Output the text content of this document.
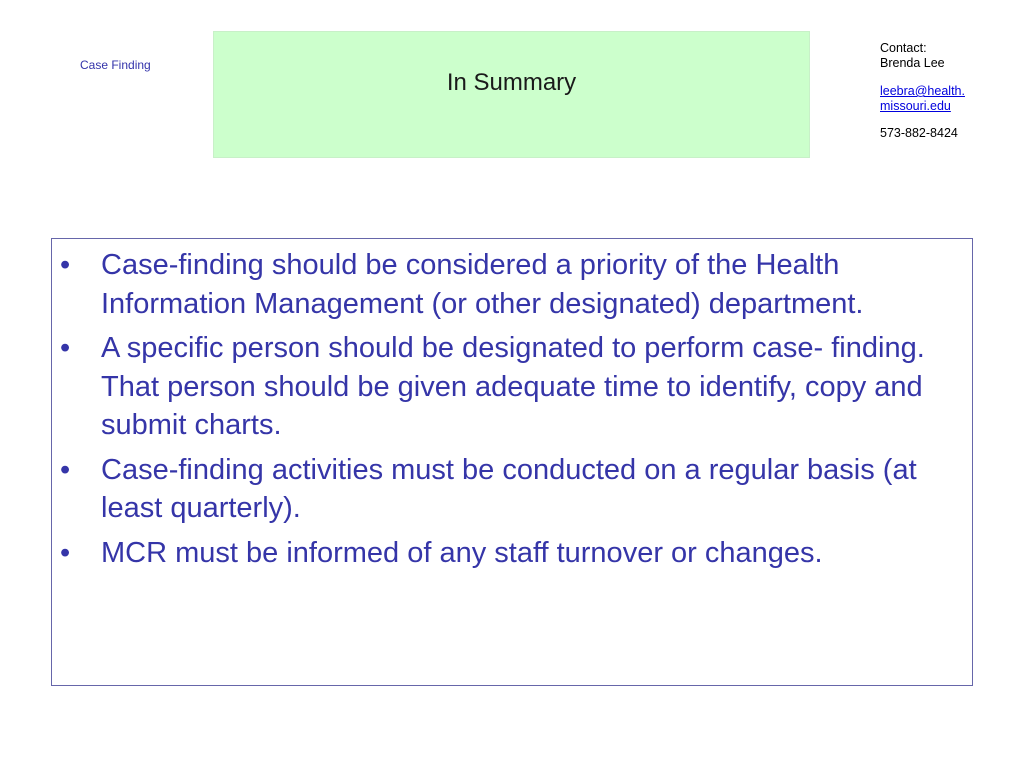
Case Finding
In Summary
Contact:
Brenda Lee
leebra@health.
missouri.edu
573-882-8424
•	Case-finding should be considered a priority of the Health Information Management (or other designated) department.
•	A specific person should be designated to perform case- finding. That person should be given adequate time to identify, copy and submit charts.
•	Case-finding activities must be conducted on a regular basis (at least quarterly).
•	MCR must be informed of any staff turnover or changes.
